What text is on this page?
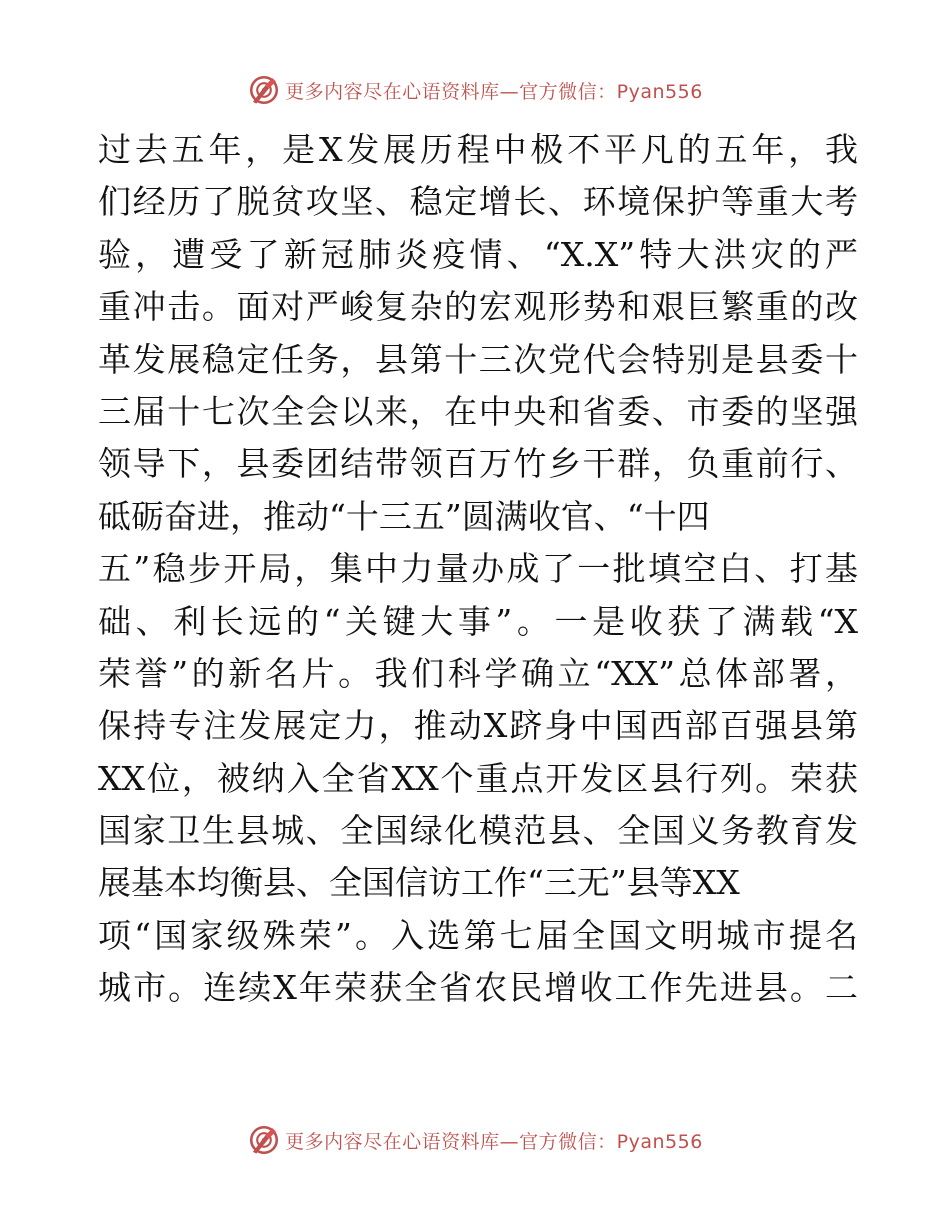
更多内容尽在心语资料库—官方微信：Pyan556
过去五年，是X发展历程中极不平凡的五年，我
们经历了脱贫攻坚、稳定增长、环境保护等重大考
验，遭受了新冠肺炎疫情、“X.X”特大洪灾的严
重冲击。面对严峻复杂的宏观形势和艰巨繁重的改
革发展稳定任务，县第十三次党代会特别是县委十
三届十七次全会以来，在中央和省委、市委的坚强
领导下，县委团结带领百万竹乡干群，负重前行、
砥砺奋进，推动“十三五”圆满收官、“十四
五”稳步开局，集中力量办成了一批填空白、打基
础、利长远的“关键大事”。一是收获了满载“X
荣誉”的新名片。我们科学确立“XX”总体部署，
保持专注发展定力，推动X跻身中国西部百强县第
XX位，被纳入全省XX个重点开发区县行列。荣获
国家卫生县城、全国绿化模范县、全国义务教育发
展基本均衡县、全国信访工作“三无”县等XX
项“国家级殊荣”。入选第七届全国文明城市提名
城市。连续X年荣获全省农民增收工作先进县。二
更多内容尽在心语资料库—官方微信：Pyan556
